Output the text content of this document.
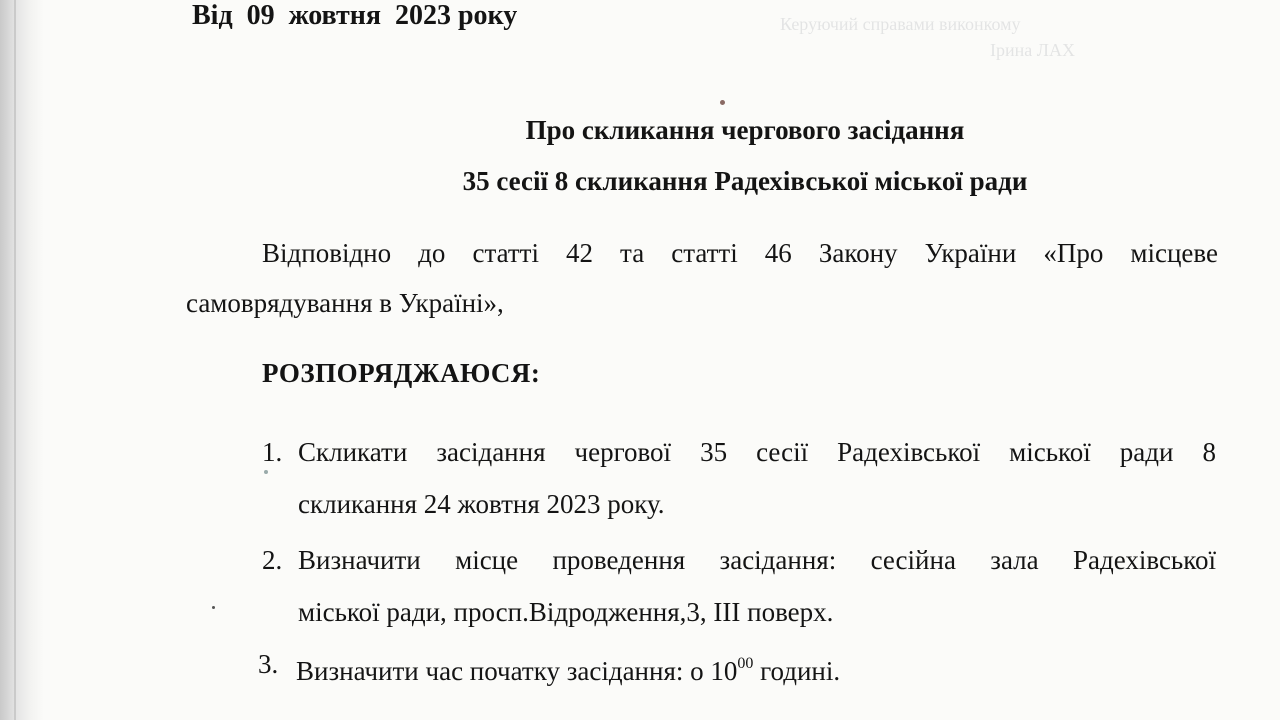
Керуючий справами виконкому
Ірина ЛАХ
Від  09  жовтня  2023 року
Про скликання чергового засідання
35 сесії 8 скликання Радехівської міської ради
Відповідно до статті 42 та статті 46 Закону України «Про місцеве
самоврядування в Україні»,
РОЗПОРЯДЖАЮСЯ:
1. Скликати засідання чергової 35 сесії Радехівської міської ради 8
скликання 24 жовтня 2023 року.
2. Визначити місце проведення засідання: сесійна зала Радехівської
міської ради, просп.Відродження,3, ІІІ поверх.
3. Визначити час початку засідання: о $10^{00}$ годині.
